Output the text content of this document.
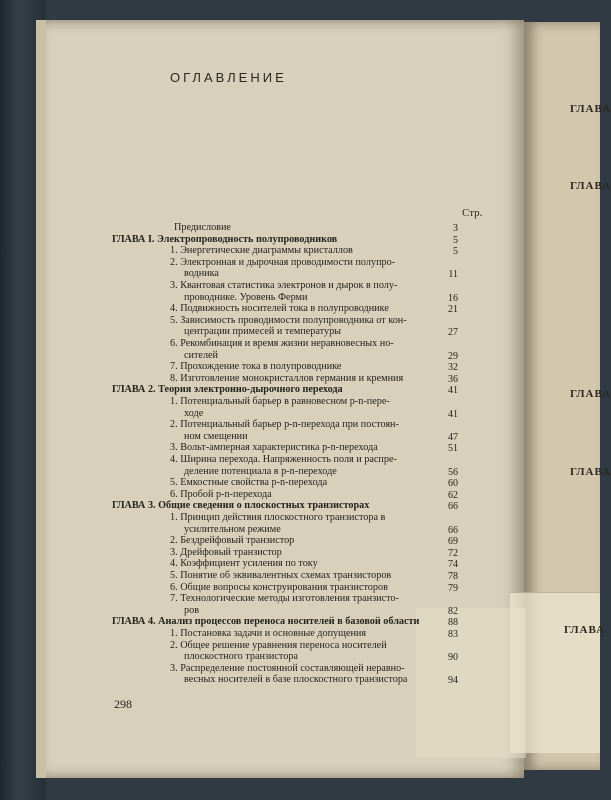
ГЛАВА
ГЛАВА
ГЛАВА
ГЛАВА
ГЛАВА
ОГЛАВЛЕНИЕ
Стр.
Предисловие	3
ГЛАВА I. Электропроводность полупроводников	5
1. Энергетические диаграммы кристаллов	5
2. Электронная и дырочная проводимости полупро-
водника	11
3. Квантовая статистика электронов и дырок в полу-
проводнике. Уровень Ферми	16
4. Подвижность носителей тока в полупроводнике	21
5. Зависимость проводимости полупроводника от кон-
центрации примесей и температуры	27
6. Рекомбинация и время жизни неравновесных но-
сителей	29
7. Прохождение тока в полупроводнике	32
8. Изготовление монокристаллов германия и кремния	36
ГЛАВА 2. Теория электронно-дырочного перехода	41
1. Потенциальный барьер в равновесном p-n-пере-
ходе	41
2. Потенциальный барьер p-n-перехода при постоян-
ном смещении	47
3. Вольт-амперная характеристика p-n-перехода	51
4. Ширина перехода. Напряженность поля и распре-
деление потенциала в p-n-переходе	56
5. Емкостные свойства p-n-перехода	60
6. Пробой p-n-перехода	62
ГЛАВА 3. Общие сведения о плоскостных транзисторах	66
1. Принцип действия плоскостного транзистора в
усилительном режиме	66
2. Бездрейфовый транзистор	69
3. Дрейфовый транзистор	72
4. Коэффициент усиления по току	74
5. Понятие об эквивалентных схемах транзисторов	78
6. Общие вопросы конструирования транзисторов	79
7. Технологические методы изготовления транзисто-
ров	82
ГЛАВА 4. Анализ процессов переноса носителей в базовой области	88
1. Постановка задачи и основные допущения	83
2. Общее решение уравнения переноса носителей
плоскостного транзистора	90
3. Распределение постоянной составляющей неравно-
весных носителей в базе плоскостного транзистора	94
298
